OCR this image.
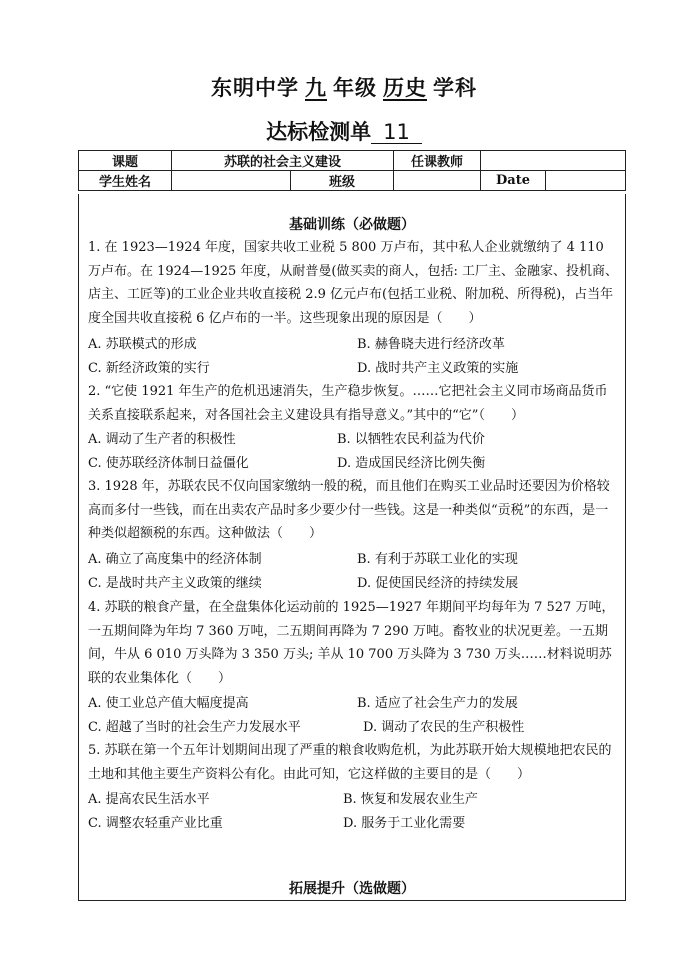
东明中学 九 年级 历史 学科
达标检测单 11
课题	苏联的社会主义建设		任课教师		
学生姓名		班级		Date	
基础训练（必做题）
1. 在 1923—1924 年度，国家共收工业税 5 800 万卢布，其中私人企业就缴纳了 4 110 万卢布。在 1924—1925 年度，从耐普曼(做买卖的商人，包括: 工厂主、金融家、投机商、店主、工匠等)的工业企业共收直接税 2.9 亿元卢布(包括工业税、附加税、所得税)，占当年度全国共收直接税 6 亿卢布的一半。这些现象出现的原因是（　　）
A. 苏联模式的形成	B. 赫鲁晓夫进行经济改革
C. 新经济政策的实行	D. 战时共产主义政策的实施
2. “它使 1921 年生产的危机迅速消失，生产稳步恢复。……它把社会主义同市场商品货币关系直接联系起来，对各国社会主义建设具有指导意义。”其中的“它”（　　）
A. 调动了生产者的积极性	B. 以牺牲农民利益为代价
C. 使苏联经济体制日益僵化	D. 造成国民经济比例失衡
3. 1928 年，苏联农民不仅向国家缴纳一般的税，而且他们在购买工业品时还要因为价格较高而多付一些钱，而在出卖农产品时多少要少付一些钱。这是一种类似“贡税”的东西，是一种类似超额税的东西。这种做法（　　）
A. 确立了高度集中的经济体制	B. 有利于苏联工业化的实现
C. 是战时共产主义政策的继续	D. 促使国民经济的持续发展
4. 苏联的粮食产量，在全盘集体化运动前的 1925—1927 年期间平均每年为 7 527 万吨，一五期间降为年均 7 360 万吨，二五期间再降为 7 290 万吨。畜牧业的状况更差。一五期间，牛从 6 010 万头降为 3 350 万头; 羊从 10 700 万头降为 3 730 万头……材料说明苏联的农业集体化（　　）
A. 使工业总产值大幅度提高	B. 适应了社会生产力的发展
C. 超越了当时的社会生产力发展水平	D. 调动了农民的生产积极性
5. 苏联在第一个五年计划期间出现了严重的粮食收购危机，为此苏联开始大规模地把农民的土地和其他主要生产资料公有化。由此可知，它这样做的主要目的是（　　）
A. 提高农民生活水平	B. 恢复和发展农业生产
C. 调整农轻重产业比重	D. 服务于工业化需要
拓展提升（选做题）
